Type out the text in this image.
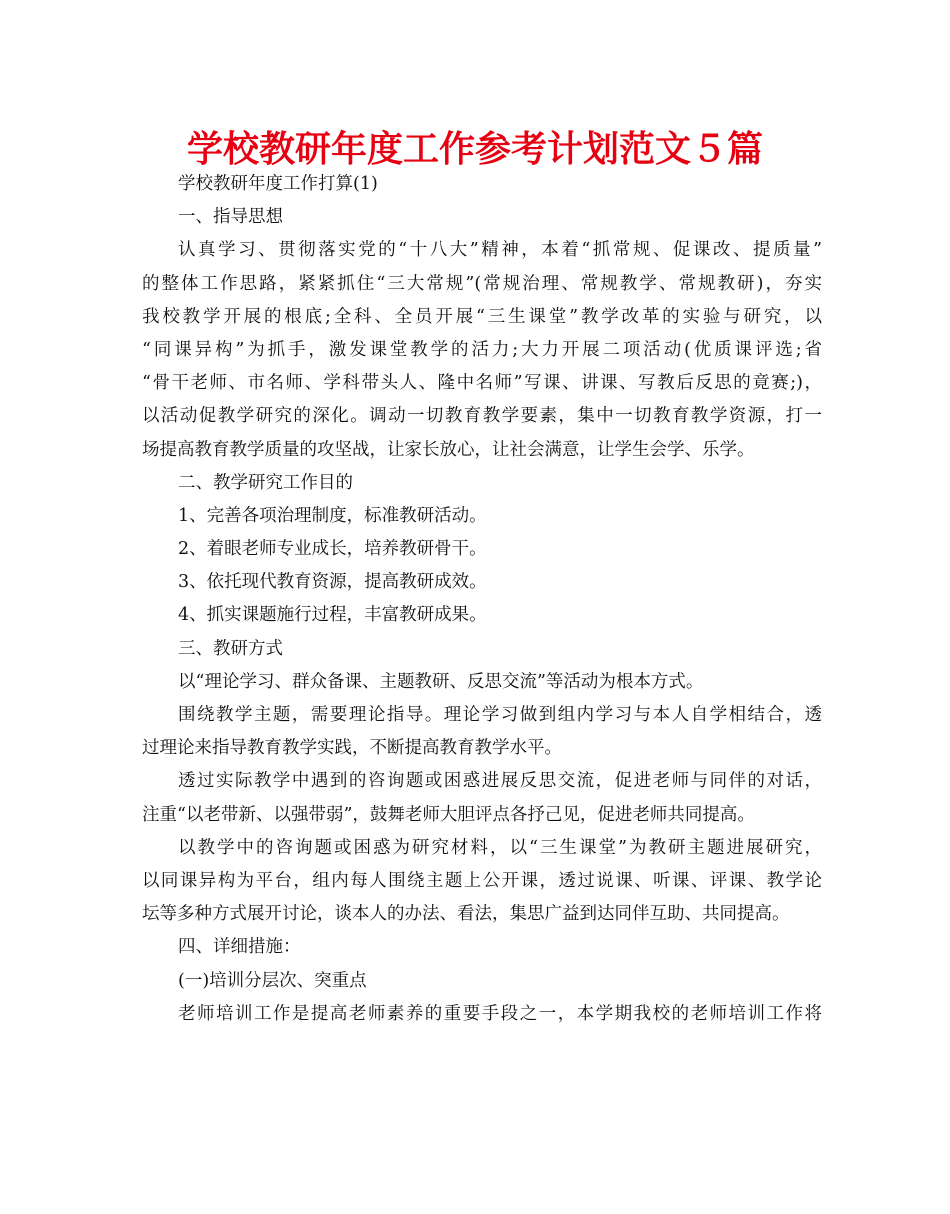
学校教研年度工作参考计划范文５篇
学校教研年度工作打算(1)
一、指导思想
认真学习、贯彻落实党的“十八大”精神，本着“抓常规、促课改、提质量”
的整体工作思路，紧紧抓住“三大常规”(常规治理、常规教学、常规教研)，夯实
我校教学开展的根底;全科、全员开展“三生课堂”教学改革的实验与研究，以
“同课异构”为抓手，激发课堂教学的活力;大力开展二项活动(优质课评选;省
“骨干老师、市名师、学科带头人、隆中名师”写课、讲课、写教后反思的竟赛;)，
以活动促教学研究的深化。调动一切教育教学要素，集中一切教育教学资源，打一
场提高教育教学质量的攻坚战，让家长放心，让社会满意，让学生会学、乐学。
二、教学研究工作目的
1、完善各项治理制度，标准教研活动。
2、着眼老师专业成长，培养教研骨干。
3、依托现代教育资源，提高教研成效。
4、抓实课题施行过程，丰富教研成果。
三、教研方式
以“理论学习、群众备课、主题教研、反思交流”等活动为根本方式。
围绕教学主题，需要理论指导。理论学习做到组内学习与本人自学相结合，透
过理论来指导教育教学实践，不断提高教育教学水平。
透过实际教学中遇到的咨询题或困惑进展反思交流，促进老师与同伴的对话，
注重“以老带新、以强带弱”，鼓舞老师大胆评点各抒己见，促进老师共同提高。
以教学中的咨询题或困惑为研究材料，以“三生课堂”为教研主题进展研究，
以同课异构为平台，组内每人围绕主题上公开课，透过说课、听课、评课、教学论
坛等多种方式展开讨论，谈本人的办法、看法，集思广益到达同伴互助、共同提高。
四、详细措施：
(一)培训分层次、突重点
老师培训工作是提高老师素养的重要手段之一，本学期我校的老师培训工作将
